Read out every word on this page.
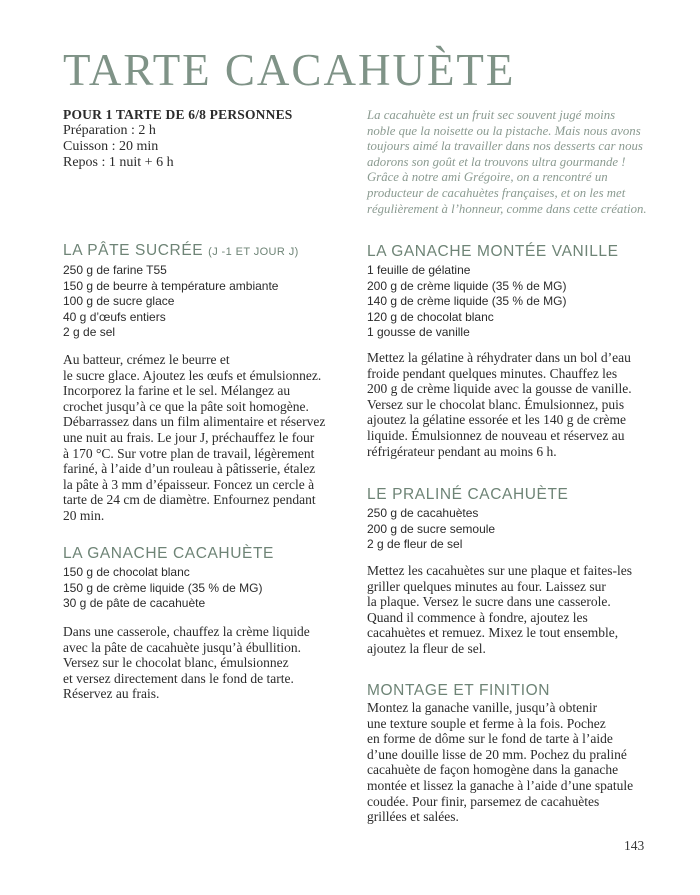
TARTE CACAHUÈTE
POUR 1 TARTE DE 6/8 PERSONNES
Préparation : 2 h
Cuisson : 20 min
Repos : 1 nuit + 6 h
La cacahuète est un fruit sec souvent jugé moins
noble que la noisette ou la pistache. Mais nous avons
toujours aimé la travailler dans nos desserts car nous
adorons son goût et la trouvons ultra gourmande !
Grâce à notre ami Grégoire, on a rencontré un
producteur de cacahuètes françaises, et on les met
régulièrement à l’honneur, comme dans cette création.
LA PÂTE SUCRÉE (J -1 ET JOUR J)
250 g de farine T55
150 g de beurre à température ambiante
100 g de sucre glace
40 g d’œufs entiers
2 g de sel
Au batteur, crémez le beurre et
le sucre glace. Ajoutez les œufs et émulsionnez.
Incorporez la farine et le sel. Mélangez au
crochet jusqu’à ce que la pâte soit homogène.
Débarrassez dans un film alimentaire et réservez
une nuit au frais. Le jour J, préchauffez le four
à 170 °C. Sur votre plan de travail, légèrement
fariné, à l’aide d’un rouleau à pâtisserie, étalez
la pâte à 3 mm d’épaisseur. Foncez un cercle à
tarte de 24 cm de diamètre. Enfournez pendant
20 min.
LA GANACHE CACAHUÈTE
150 g de chocolat blanc
150 g de crème liquide (35 % de MG)
30 g de pâte de cacahuète
Dans une casserole, chauffez la crème liquide
avec la pâte de cacahuète jusqu’à ébullition.
Versez sur le chocolat blanc, émulsionnez
et versez directement dans le fond de tarte.
Réservez au frais.
LA GANACHE MONTÉE VANILLE
1 feuille de gélatine
200 g de crème liquide (35 % de MG)
140 g de crème liquide (35 % de MG)
120 g de chocolat blanc
1 gousse de vanille
Mettez la gélatine à réhydrater dans un bol d’eau
froide pendant quelques minutes. Chauffez les
200 g de crème liquide avec la gousse de vanille.
Versez sur le chocolat blanc. Émulsionnez, puis
ajoutez la gélatine essorée et les 140 g de crème
liquide. Émulsionnez de nouveau et réservez au
réfrigérateur pendant au moins 6 h.
LE PRALINÉ CACAHUÈTE
250 g de cacahuètes
200 g de sucre semoule
2 g de fleur de sel
Mettez les cacahuètes sur une plaque et faites-les
griller quelques minutes au four. Laissez sur
la plaque. Versez le sucre dans une casserole.
Quand il commence à fondre, ajoutez les
cacahuètes et remuez. Mixez le tout ensemble,
ajoutez la fleur de sel.
MONTAGE ET FINITION
Montez la ganache vanille, jusqu’à obtenir
une texture souple et ferme à la fois. Pochez
en forme de dôme sur le fond de tarte à l’aide
d’une douille lisse de 20 mm. Pochez du praliné
cacahuète de façon homogène dans la ganache
montée et lissez la ganache à l’aide d’une spatule
coudée. Pour finir, parsemez de cacahuètes
grillées et salées.
143
